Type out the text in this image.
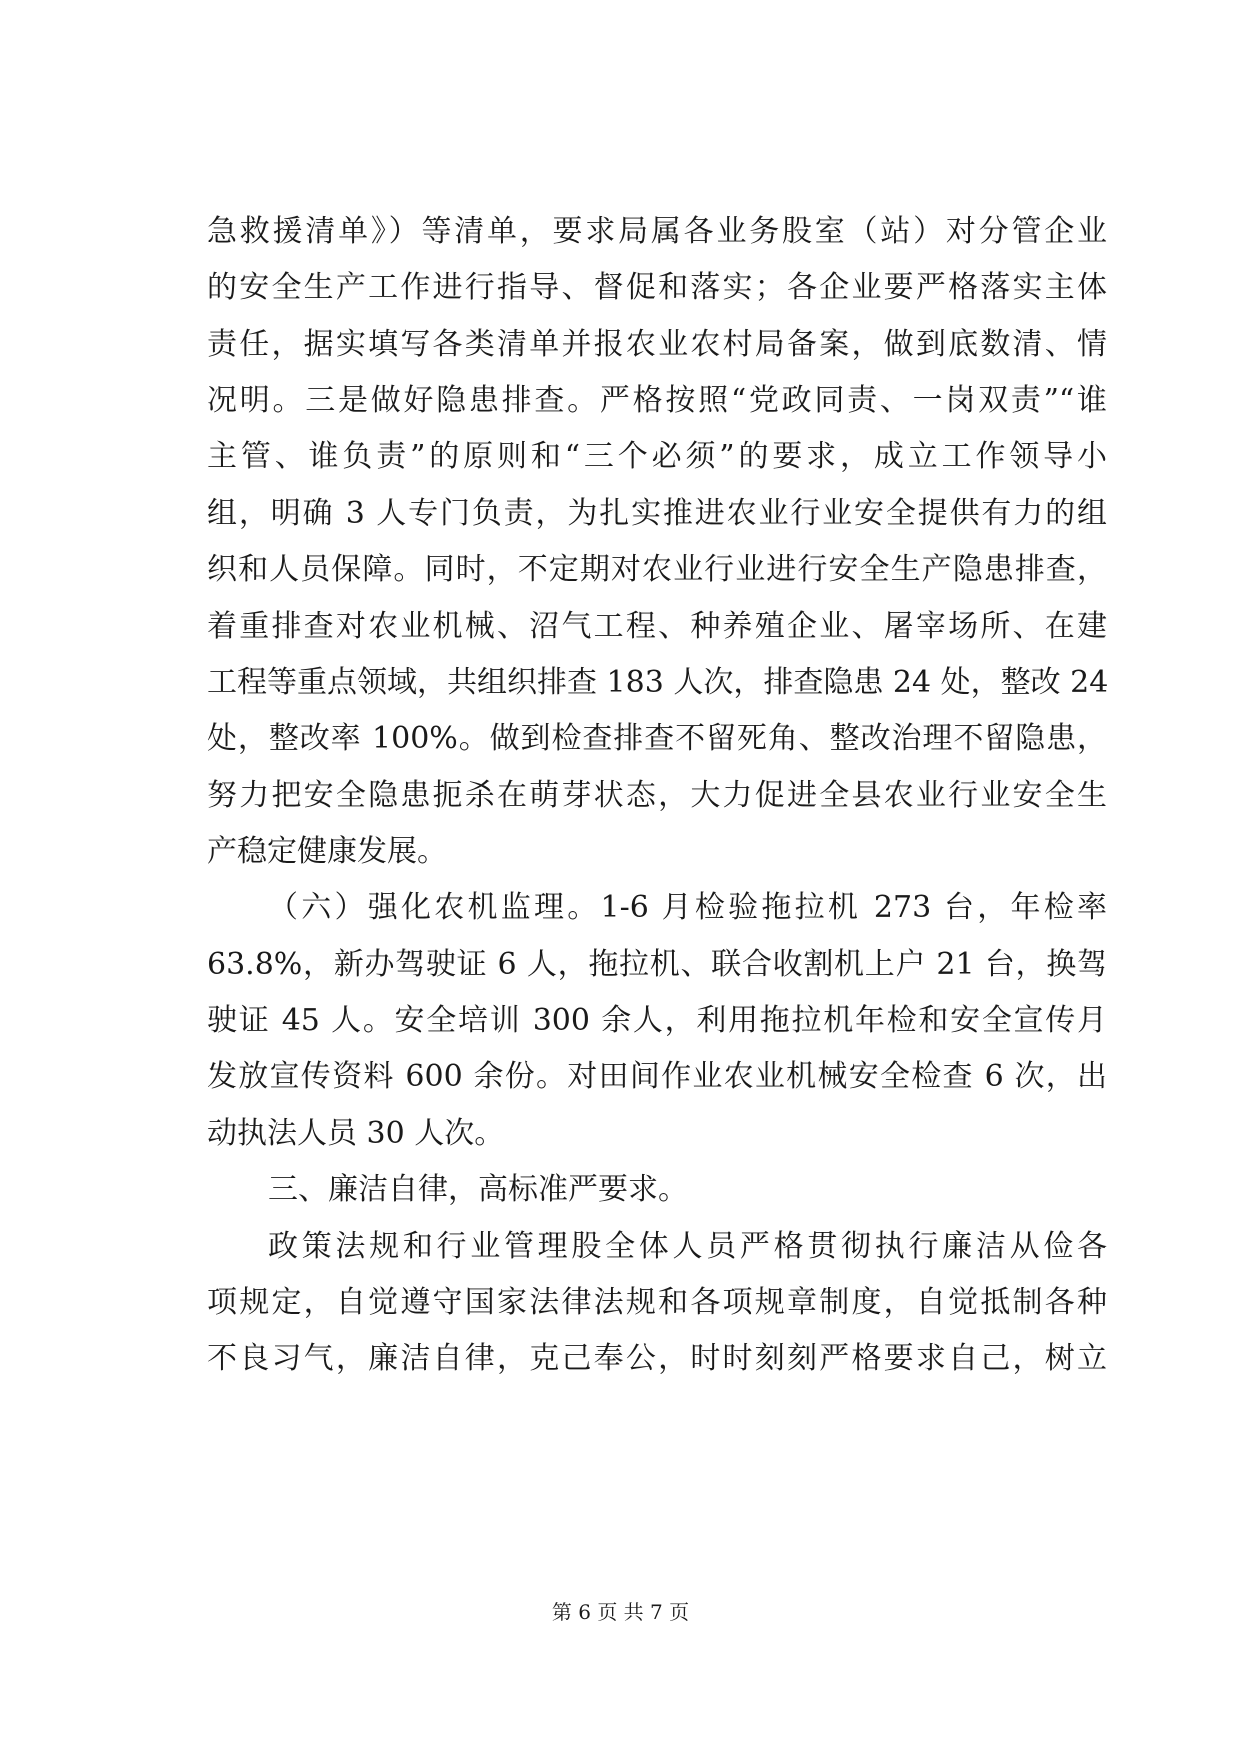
急救援清单》）等清单，要求局属各业务股室（站）对分管企业
的安全生产工作进行指导、督促和落实；各企业要严格落实主体
责任，据实填写各类清单并报农业农村局备案，做到底数清、情
况明。三是做好隐患排查。严格按照“党政同责、一岗双责”“谁
主管、谁负责”的原则和“三个必须”的要求，成立工作领导小
组，明确 3 人专门负责，为扎实推进农业行业安全提供有力的组
织和人员保障。同时，不定期对农业行业进行安全生产隐患排查，
着重排查对农业机械、沼气工程、种养殖企业、屠宰场所、在建
工程等重点领域，共组织排查 183 人次，排查隐患 24 处，整改 24
处，整改率 100%。做到检查排查不留死角、整改治理不留隐患，
努力把安全隐患扼杀在萌芽状态，大力促进全县农业行业安全生
产稳定健康发展。
（六）强化农机监理。1-6 月检验拖拉机 273 台，年检率
63.8%，新办驾驶证 6 人，拖拉机、联合收割机上户 21 台，换驾
驶证 45 人。安全培训 300 余人，利用拖拉机年检和安全宣传月
发放宣传资料 600 余份。对田间作业农业机械安全检查 6 次，出
动执法人员 30 人次。
三、廉洁自律，高标准严要求。
政策法规和行业管理股全体人员严格贯彻执行廉洁从俭各
项规定，自觉遵守国家法律法规和各项规章制度，自觉抵制各种
不良习气，廉洁自律，克己奉公，时时刻刻严格要求自己，树立
第 6 页 共 7 页
